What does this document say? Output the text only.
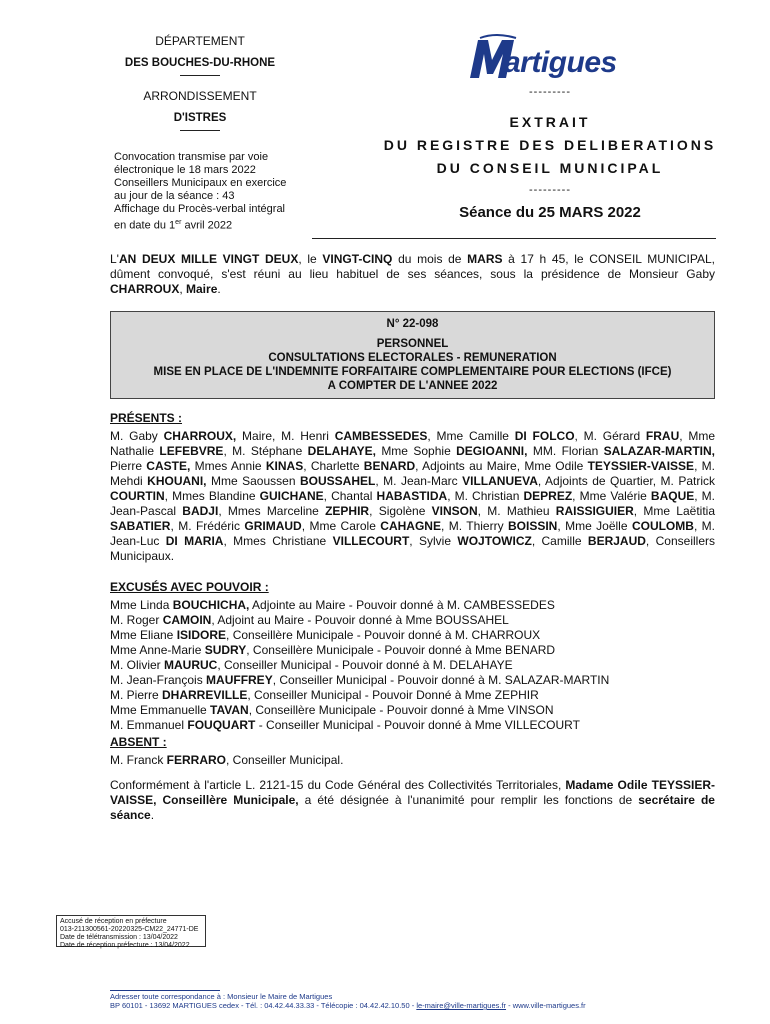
DÉPARTEMENT
DES BOUCHES-DU-RHONE
ARRONDISSEMENT
D'ISTRES
Convocation transmise par voie
électronique le 18 mars 2022
Conseillers Municipaux en exercice
au jour de la séance : 43
Affichage du Procès-verbal intégral
en date du 1er avril 2022
artigues
---------
EXTRAIT
DU REGISTRE DES DELIBERATIONS
DU CONSEIL MUNICIPAL
---------
Séance du 25 MARS 2022
L'AN DEUX MILLE VINGT DEUX, le VINGT-CINQ du mois de MARS à 17 h 45, le CONSEIL MUNICIPAL, dûment convoqué, s'est réuni au lieu habituel de ses séances, sous la présidence de Monsieur Gaby CHARROUX, Maire.
N° 22-098
PERSONNEL
CONSULTATIONS ELECTORALES - REMUNERATION
MISE EN PLACE DE L'INDEMNITE FORFAITAIRE COMPLEMENTAIRE POUR ELECTIONS (IFCE)
A COMPTER DE L'ANNEE 2022
PRÉSENTS :
M. Gaby CHARROUX, Maire, M. Henri CAMBESSEDES, Mme Camille DI FOLCO, M. Gérard FRAU, Mme Nathalie LEFEBVRE, M. Stéphane DELAHAYE, Mme Sophie DEGIOANNI, MM. Florian SALAZAR-MARTIN, Pierre CASTE, Mmes Annie KINAS, Charlette BENARD, Adjoints au Maire, Mme Odile TEYSSIER-VAISSE, M. Mehdi KHOUANI, Mme Saoussen BOUSSAHEL, M. Jean-Marc VILLANUEVA, Adjoints de Quartier, M. Patrick COURTIN, Mmes Blandine GUICHANE, Chantal HABASTIDA, M. Christian DEPREZ, Mme Valérie BAQUE, M. Jean-Pascal BADJI, Mmes Marceline ZEPHIR, Sigolène VINSON, M. Mathieu RAISSIGUIER, Mme Laëtitia SABATIER, M. Frédéric GRIMAUD, Mme Carole CAHAGNE, M. Thierry BOISSIN, Mme Joëlle COULOMB, M. Jean-Luc DI MARIA, Mmes Christiane VILLECOURT, Sylvie WOJTOWICZ, Camille BERJAUD, Conseillers Municipaux.
EXCUSÉS AVEC POUVOIR :
Mme Linda BOUCHICHA, Adjointe au Maire - Pouvoir donné à M. CAMBESSEDES
M. Roger CAMOIN, Adjoint au Maire - Pouvoir donné à Mme BOUSSAHEL
Mme Eliane ISIDORE, Conseillère Municipale - Pouvoir donné à M. CHARROUX
Mme Anne-Marie SUDRY, Conseillère Municipale - Pouvoir donné à Mme BENARD
M. Olivier MAURUC, Conseiller Municipal - Pouvoir donné à M. DELAHAYE
M. Jean-François MAUFFREY, Conseiller Municipal - Pouvoir donné à M. SALAZAR-MARTIN
M. Pierre DHARREVILLE, Conseiller Municipal - Pouvoir Donné à Mme ZEPHIR
Mme Emmanuelle TAVAN, Conseillère Municipale - Pouvoir donné à Mme VINSON
M. Emmanuel FOUQUART - Conseiller Municipal - Pouvoir donné à Mme VILLECOURT
ABSENT :
M. Franck FERRARO, Conseiller Municipal.
Conformément à l'article L. 2121-15 du Code Général des Collectivités Territoriales, Madame Odile TEYSSIER-VAISSE, Conseillère Municipale, a été désignée à l'unanimité pour remplir les fonctions de secrétaire de séance.
Accusé de réception en préfecture
013-211300561-20220325-CM22_24771-DE
Date de télétransmission : 13/04/2022
Date de réception préfecture : 13/04/2022
Adresser toute correspondance à : Monsieur le Maire de Martigues
BP 60101 - 13692 MARTIGUES cedex - Tél. : 04.42.44.33.33 - Télécopie : 04.42.42.10.50 - le-maire@ville-martigues.fr - www.ville-martigues.fr
